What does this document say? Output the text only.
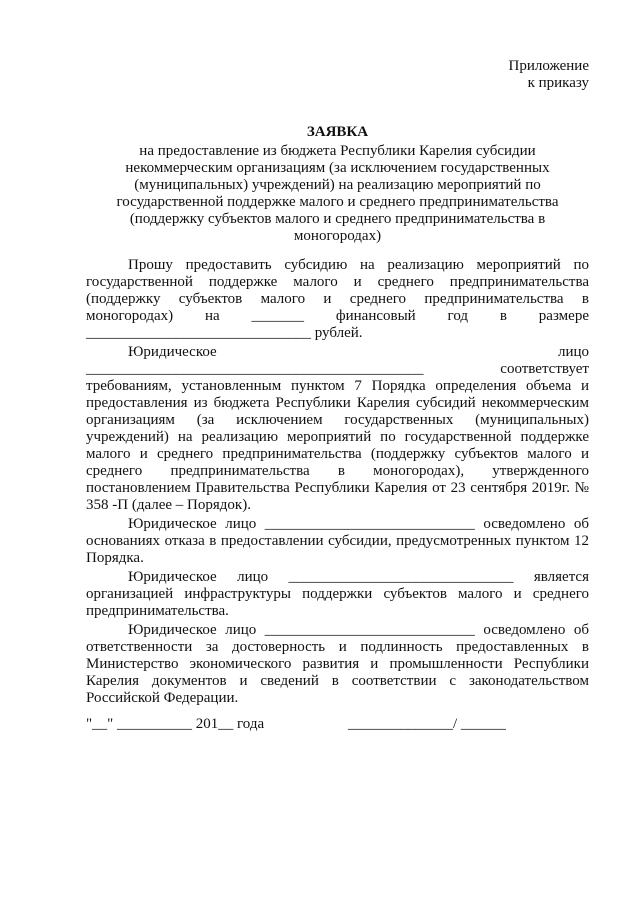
Приложение
к приказу
ЗАЯВКА
на предоставление из бюджета Республики Карелия субсидии
некоммерческим организациям (за исключением государственных
(муниципальных) учреждений) на реализацию мероприятий по
государственной поддержке малого и среднего предпринимательства
(поддержку субъектов малого и среднего предпринимательства в
моногородах)

Прошу предоставить субсидию на реализацию мероприятий по государственной поддержке малого и среднего предпринимательства (поддержку субъектов малого и среднего предпринимательства в моногородах) на _______ финансовый год в размере ______________________________ рублей.

Юридическое лицо _____________________________________________ соответствует требованиям, установленным пунктом 7 Порядка определения объема и предоставления из бюджета Республики Карелия субсидий некоммерческим организациям (за исключением государственных (муниципальных) учреждений) на реализацию мероприятий по государственной поддержке малого и среднего предпринимательства (поддержку субъектов малого и среднего предпринимательства в моногородах), утвержденного постановлением Правительства Республики Карелия от 23 сентября 2019г. № 358 -П (далее – Порядок).

Юридическое лицо ____________________________ осведомлено об основаниях отказа в предоставлении субсидии, предусмотренных пунктом 12 Порядка.

Юридическое лицо ______________________________ является организацией инфраструктуры поддержки субъектов малого и среднего предпринимательства.

Юридическое лицо ____________________________ осведомлено об ответственности за достоверность и подлинность предоставленных в Министерство экономического развития и промышленности Республики Карелия документов и сведений в соответствии с законодательством Российской Федерации.

"__" __________ 201__ года	______________/ ______
